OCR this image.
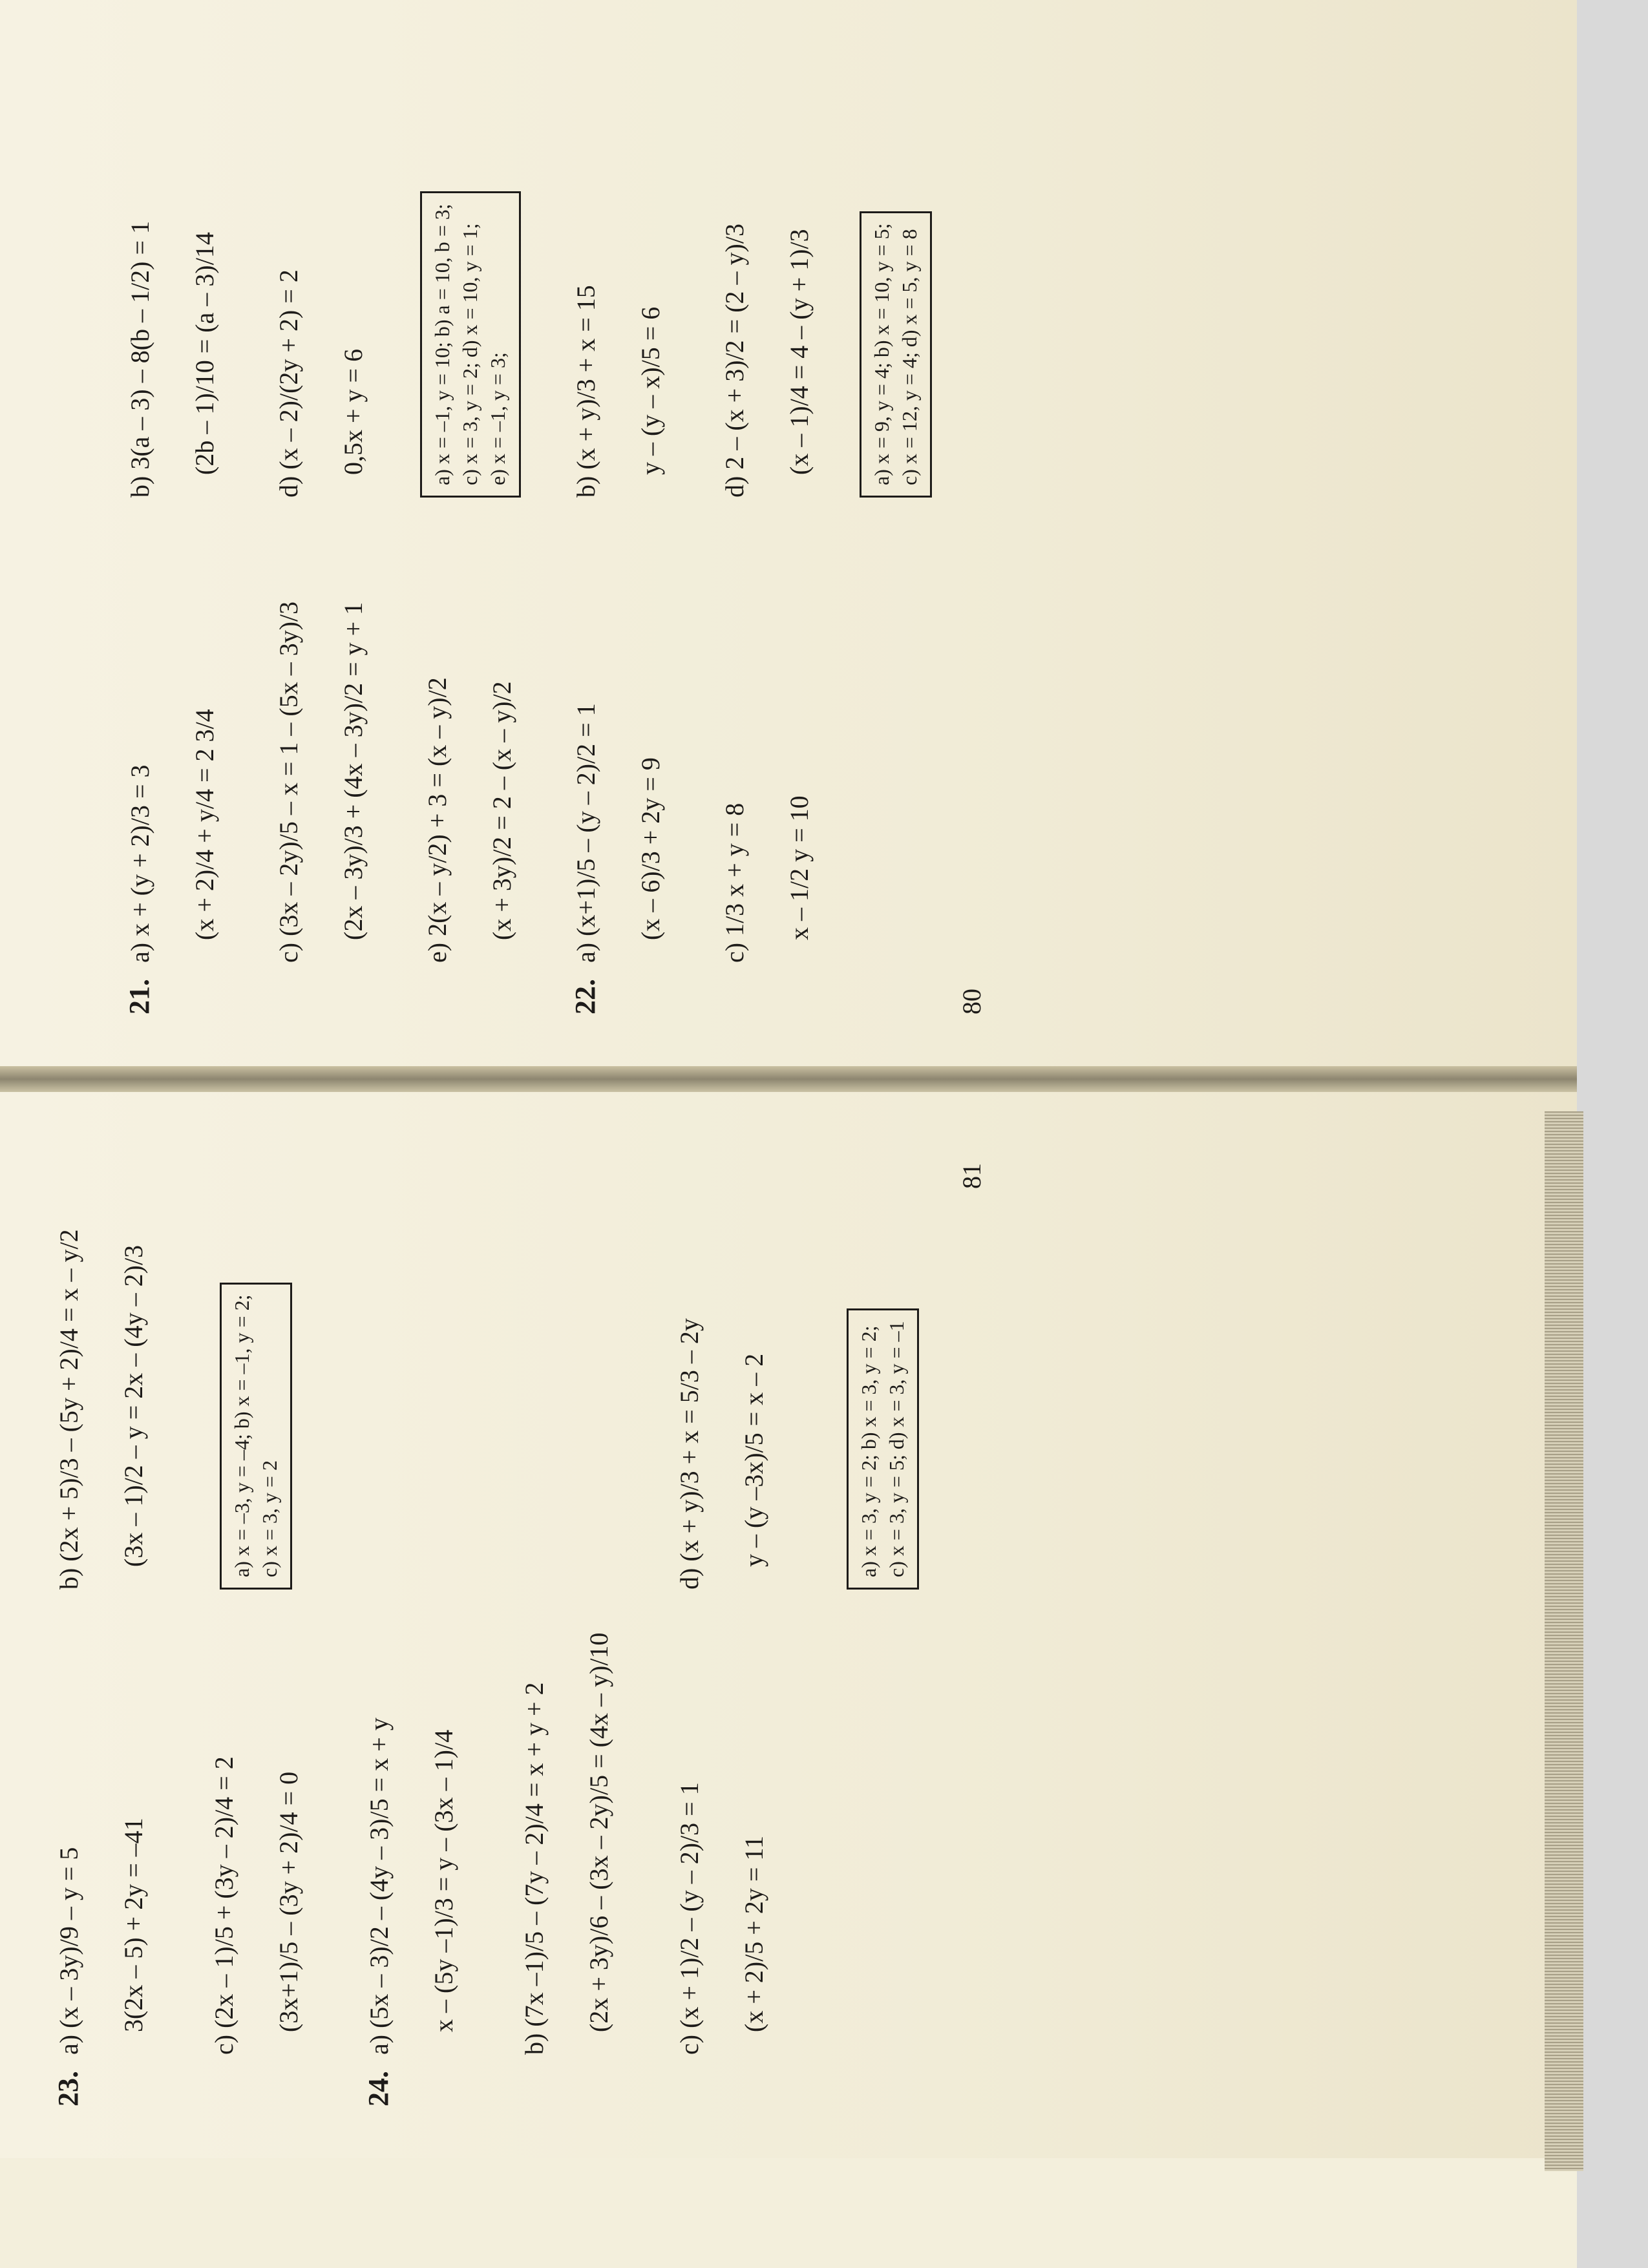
21.
a) x + (y + 2)/3 = 3 (x + 2)/4 + y/4 = 2 3/4
b) 3(a – 3) – 8(b – 1/2) = 1 (2b – 1)/10 = (a – 3)/14
c) (3x – 2y)/5 – x = 1 – (5x – 3y)/3 (2x – 3y)/3 + (4x – 3y)/2 = y + 1
d) (x – 2)/(2y + 2) = 2 0,5x + y = 6
e) 2(x – y/2) + 3 = (x – y)/2 (x + 3y)/2 = 2 – (x – y)/2
a) x = –1, y = 10; b) a = 10, b = 3; c) x = 3, y = 2; d) x = 10, y = 1; e) x = –1, y = 3;
22.
a) (x+1)/5 – (y – 2)/2 = 1 (x – 6)/3 + 2y = 9
b) (x + y)/3 + x = 15 y – (y – x)/5 = 6
c) 1/3 x + y = 8 x – 1/2 y = 10
d) 2 – (x + 3)/2 = (2 – y)/3 (x – 1)/4 = 4 – (y + 1)/3	a) x = 9, y = 4; b) x = 10, y = 5; c) x = 12, y = 4; d) x = 5, y = 8
80
23.
a) (x – 3y)/9 – y = 5 3(2x – 5) + 2y = –41
b) (2x + 5)/3 – (5y + 2)/4 = x – y/2 (3x – 1)/2 – y = 2x – (4y – 2)/3
c) (2x – 1)/5 + (3y – 2)/4 = 2 (3x+1)/5 – (3y + 2)/4 = 0
a) x = –3, y = –4; b) x = –1, y = 2; c) x = 3, y = 2
24.
a) (5x – 3)/2 – (4y – 3)/5 = x + y x – (5y –1)/3 = y – (3x – 1)/4 b) (7x –1)/5 – (7y – 2)/4 = x + y + 2 (2x + 3y)/6 – (3x – 2y)/5 = (4x – y)/10 c) (x + 1)/2 – (y – 2)/3 = 1 (x + 2)/5 + 2y = 11
d) (x + y)/3 + x = 5/3 – 2y y – (y –3x)/5 = x – 2	a) x = 3, y = 2; b) x = 3, y = 2; c) x = 3, y = 5; d) x = 3, y = –1
81
